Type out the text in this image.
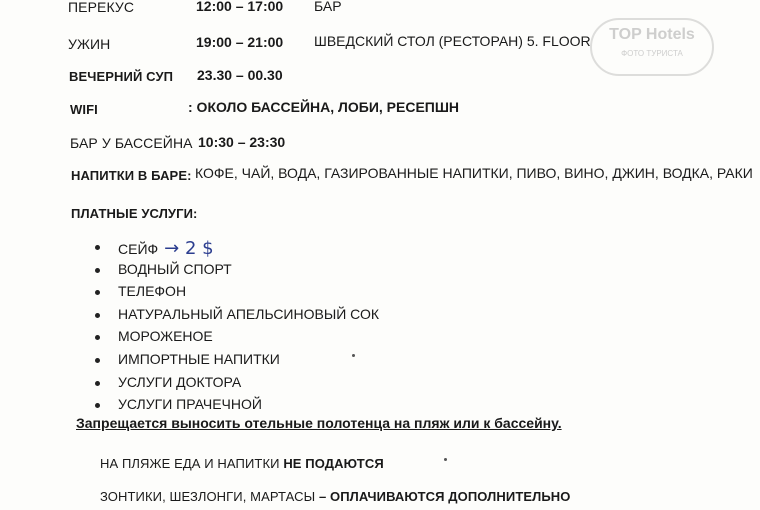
TOP Hotels
ФОТО ТУРИСТА
ПЕРЕКУС	12:00 – 17:00 БАР
УЖИН	19:00 – 21:00 ШВЕДСКИЙ СТОЛ (РЕСТОРАН) 5. FLOOR
ВЕЧЕРНИЙ СУП 23.30 – 00.30
WIFI	: ОКОЛО БАССЕЙНА, ЛОБИ, РЕСЕПШН
БАР У БАССЕЙНА 10:30 – 23:30
НАПИТКИ В БАРЕ: КОФЕ, ЧАЙ, ВОДА, ГАЗИРОВАННЫЕ НАПИТКИ, ПИВО, ВИНО, ДЖИН, ВОДКА, РАКИ
ПЛАТНЫЕ УСЛУГИ:
СЕЙФ → 2 $
ВОДНЫЙ СПОРТ
ТЕЛЕФОН
НАТУРАЛЬНЫЙ АПЕЛЬСИНОВЫЙ СОК
МОРОЖЕНОЕ
ИМПОРТНЫЕ НАПИТКИ
УСЛУГИ ДОКТОРА
УСЛУГИ ПРАЧЕЧНОЙ
Запрещается выносить отельные полотенца на пляж или к бассейну.
НА ПЛЯЖЕ ЕДА И НАПИТКИ НЕ ПОДАЮТСЯ
ЗОНТИКИ, ШЕЗЛОНГИ, МАРТАСЫ – ОПЛАЧИВАЮТСЯ ДОПОЛНИТЕЛЬНО
